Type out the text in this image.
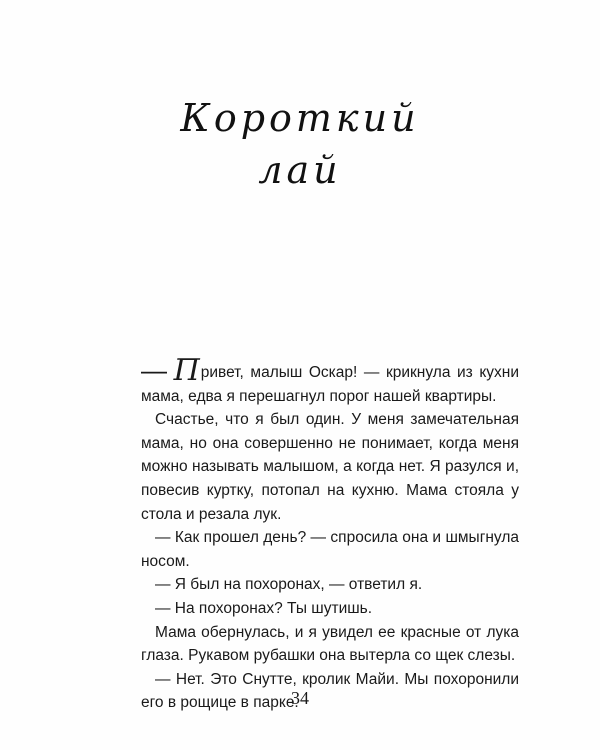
Короткий
лай

— Привет, малыш Оскар! — крикнула из кухни мама, едва я перешагнул порог нашей квартиры.

Счастье, что я был один. У меня замечательная мама, но она совершенно не понимает, когда меня можно называть малышом, а когда нет. Я разулся и, повесив куртку, потопал на кухню. Мама стояла у стола и резала лук.

— Как прошел день? — спросила она и шмыгнула носом.

— Я был на похоронах, — ответил я.

— На похоронах? Ты шутишь.

Мама обернулась, и я увидел ее красные от лука глаза. Рукавом рубашки она вытерла со щек слезы.

— Нет. Это Снутте, кролик Майи. Мы похоронили его в рощице в парке.

34
